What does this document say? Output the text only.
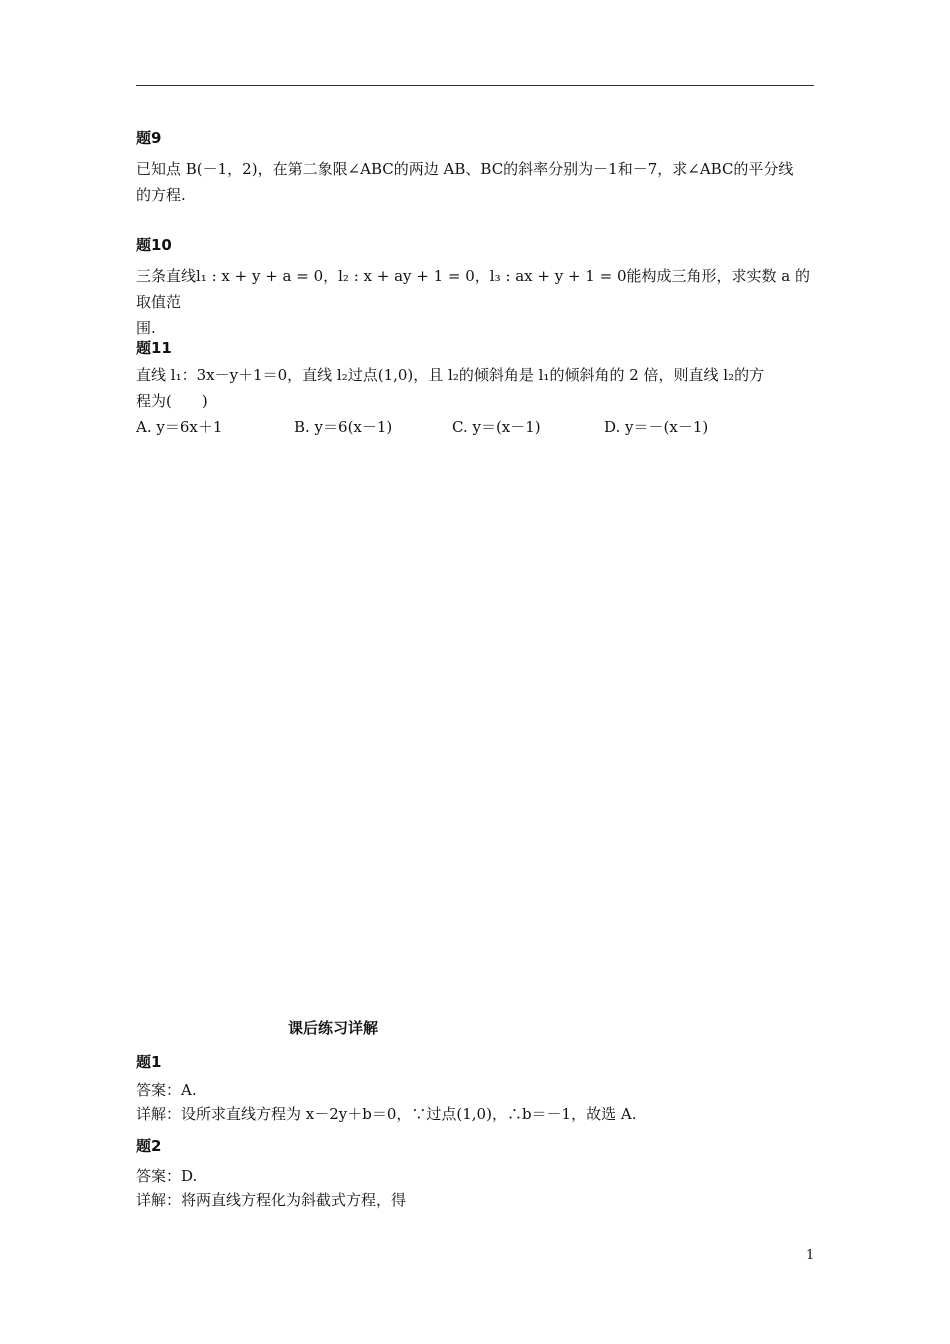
题9

已知点 B(－1，2)，在第二象限∠ABC的两边 AB、BC的斜率分别为－1和－7，求∠ABC的平分线

的方程.

题10

三条直线l₁ : x + y + a = 0，l₂ : x + ay + 1 = 0，l₃ : ax + y + 1 = 0能构成三角形，求实数 a 的取值范

围.

题11

直线 l₁：3x－y＋1＝0，直线 l₂过点(1,0)，且 l₂的倾斜角是 l₁的倾斜角的 2 倍，则直线 l₂的方

程为(　　)

A. y＝6x＋1	B. y＝6(x－1)	C. y＝(x－1)	D. y＝－(x－1)
课后练习详解
题1

答案：A.

详解：设所求直线方程为 x－2y＋b＝0，∵过点(1,0)，∴b＝－1，故选 A.

题2

答案：D.

详解：将两直线方程化为斜截式方程，得

1
